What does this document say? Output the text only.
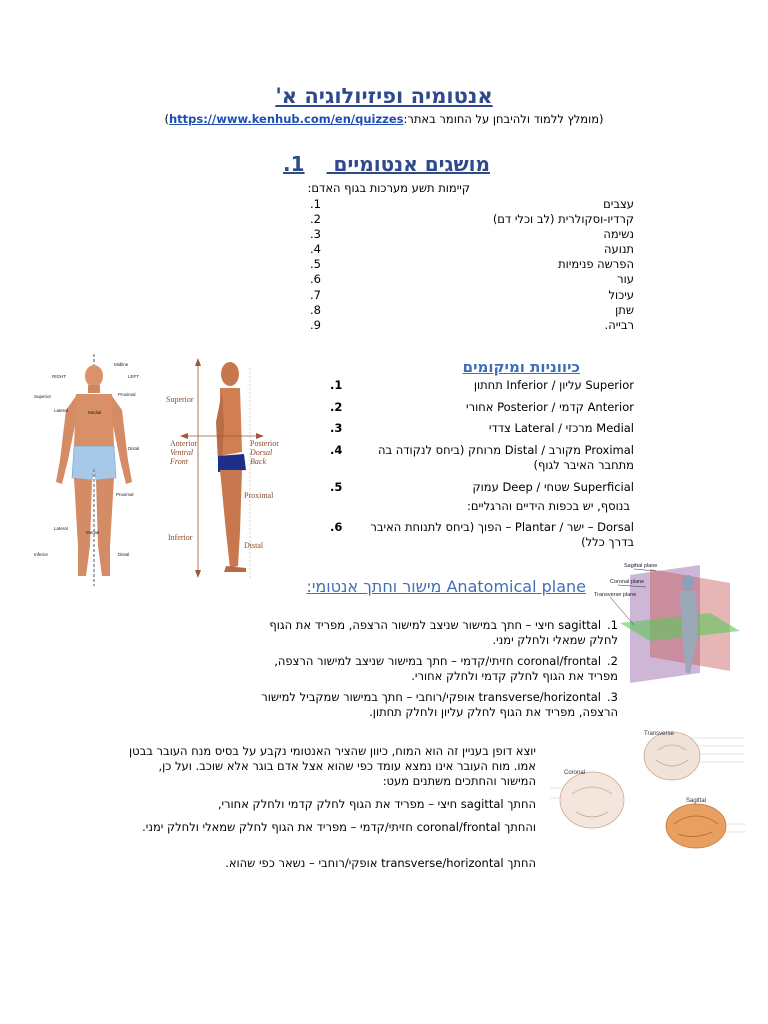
אנטומיה ופיזיולוגיה א'
(מומלץ ללמוד ולהיבחן על החומר באתר:https://www.kenhub.com/en/quizzes)
מושגים אנטומיים 1.
קיימות תשע מערכות בגוף האדם:
עצבים
1.
קרדיו-וסקולרית (לב וכלי דם)
2.
נשימה
3.
תנועה
4.
הפרשה פנימיות
5.
עור
6.
עיכול
7.
שתן
8.
רבייה.
9.
RIGHT
Midline
LEFT
Superior	Proximal
Lateral	Medial
Distal
Proximal
Lateral
Medial
Inferior	Distal
Superior
Anterior
Ventral
Front
Posterior
Dorsal
Back
Proximal
Inferior
Distal
כיווניות ומיקומים
Superior עליון / Inferior תחתון
1.
Anterior קדמי / Posterior אחורי
2.
Medial מרכזי / Lateral צדדי
3.
Proximal מקורב / Distal מרוחק (ביחס לנקודה בה מתחבר האיבר לגוף)
4.
Superficial שטחי / Deep עמוק
5.
Dorsal – ישר / Plantar – הפוך (ביחס לתנוחת האיבר בדרך כלל)
6.
בנוסף, יש בכפות הידיים והרגליים:
Sagittal plane
Coronal plane
Transverse plane
Anatomical plane מישור וחתך אנטומי:
1.sagittal חיצי – חתך במישור שניצב למישור הרצפה, מפריד את הגוף לחלק שמאלי ולחלק ימני.
2.coronal/frontal חזיתי/קדמי – חתך במישור שניצב למישור הרצפה, מפריד את הגוף לחלק קדמי ולחלק אחורי.
3.transverse/horizontal אופקי/רוחבי – חתך במישור שמקביל למישור הרצפה, מפריד את הגוף לחלק עליון ולחלק תחתון.
Transverse
Coronal
Sagittal
יוצא דופן בעניין זה הוא המוח, כיוון שהציר האנטומי נקבע על בסיס מנח העובר בבטן אמו. מוח העובר אינו נמצא עומד כפי שהוא אצל אדם בוגר אלא שוכב. ועל כן, המישור והחתכים משתנים מעט:
החתך sagittal חיצי – מפריד את הגוף לחלק קדמי ולחלק אחורי,
והחתך coronal/frontal חזיתי/קדמי – מפריד את הגוף לחלק שמאלי ולחלק ימני.
החתך transverse/horizontal אופקי/רוחבי – נשאר כפי שהוא.
